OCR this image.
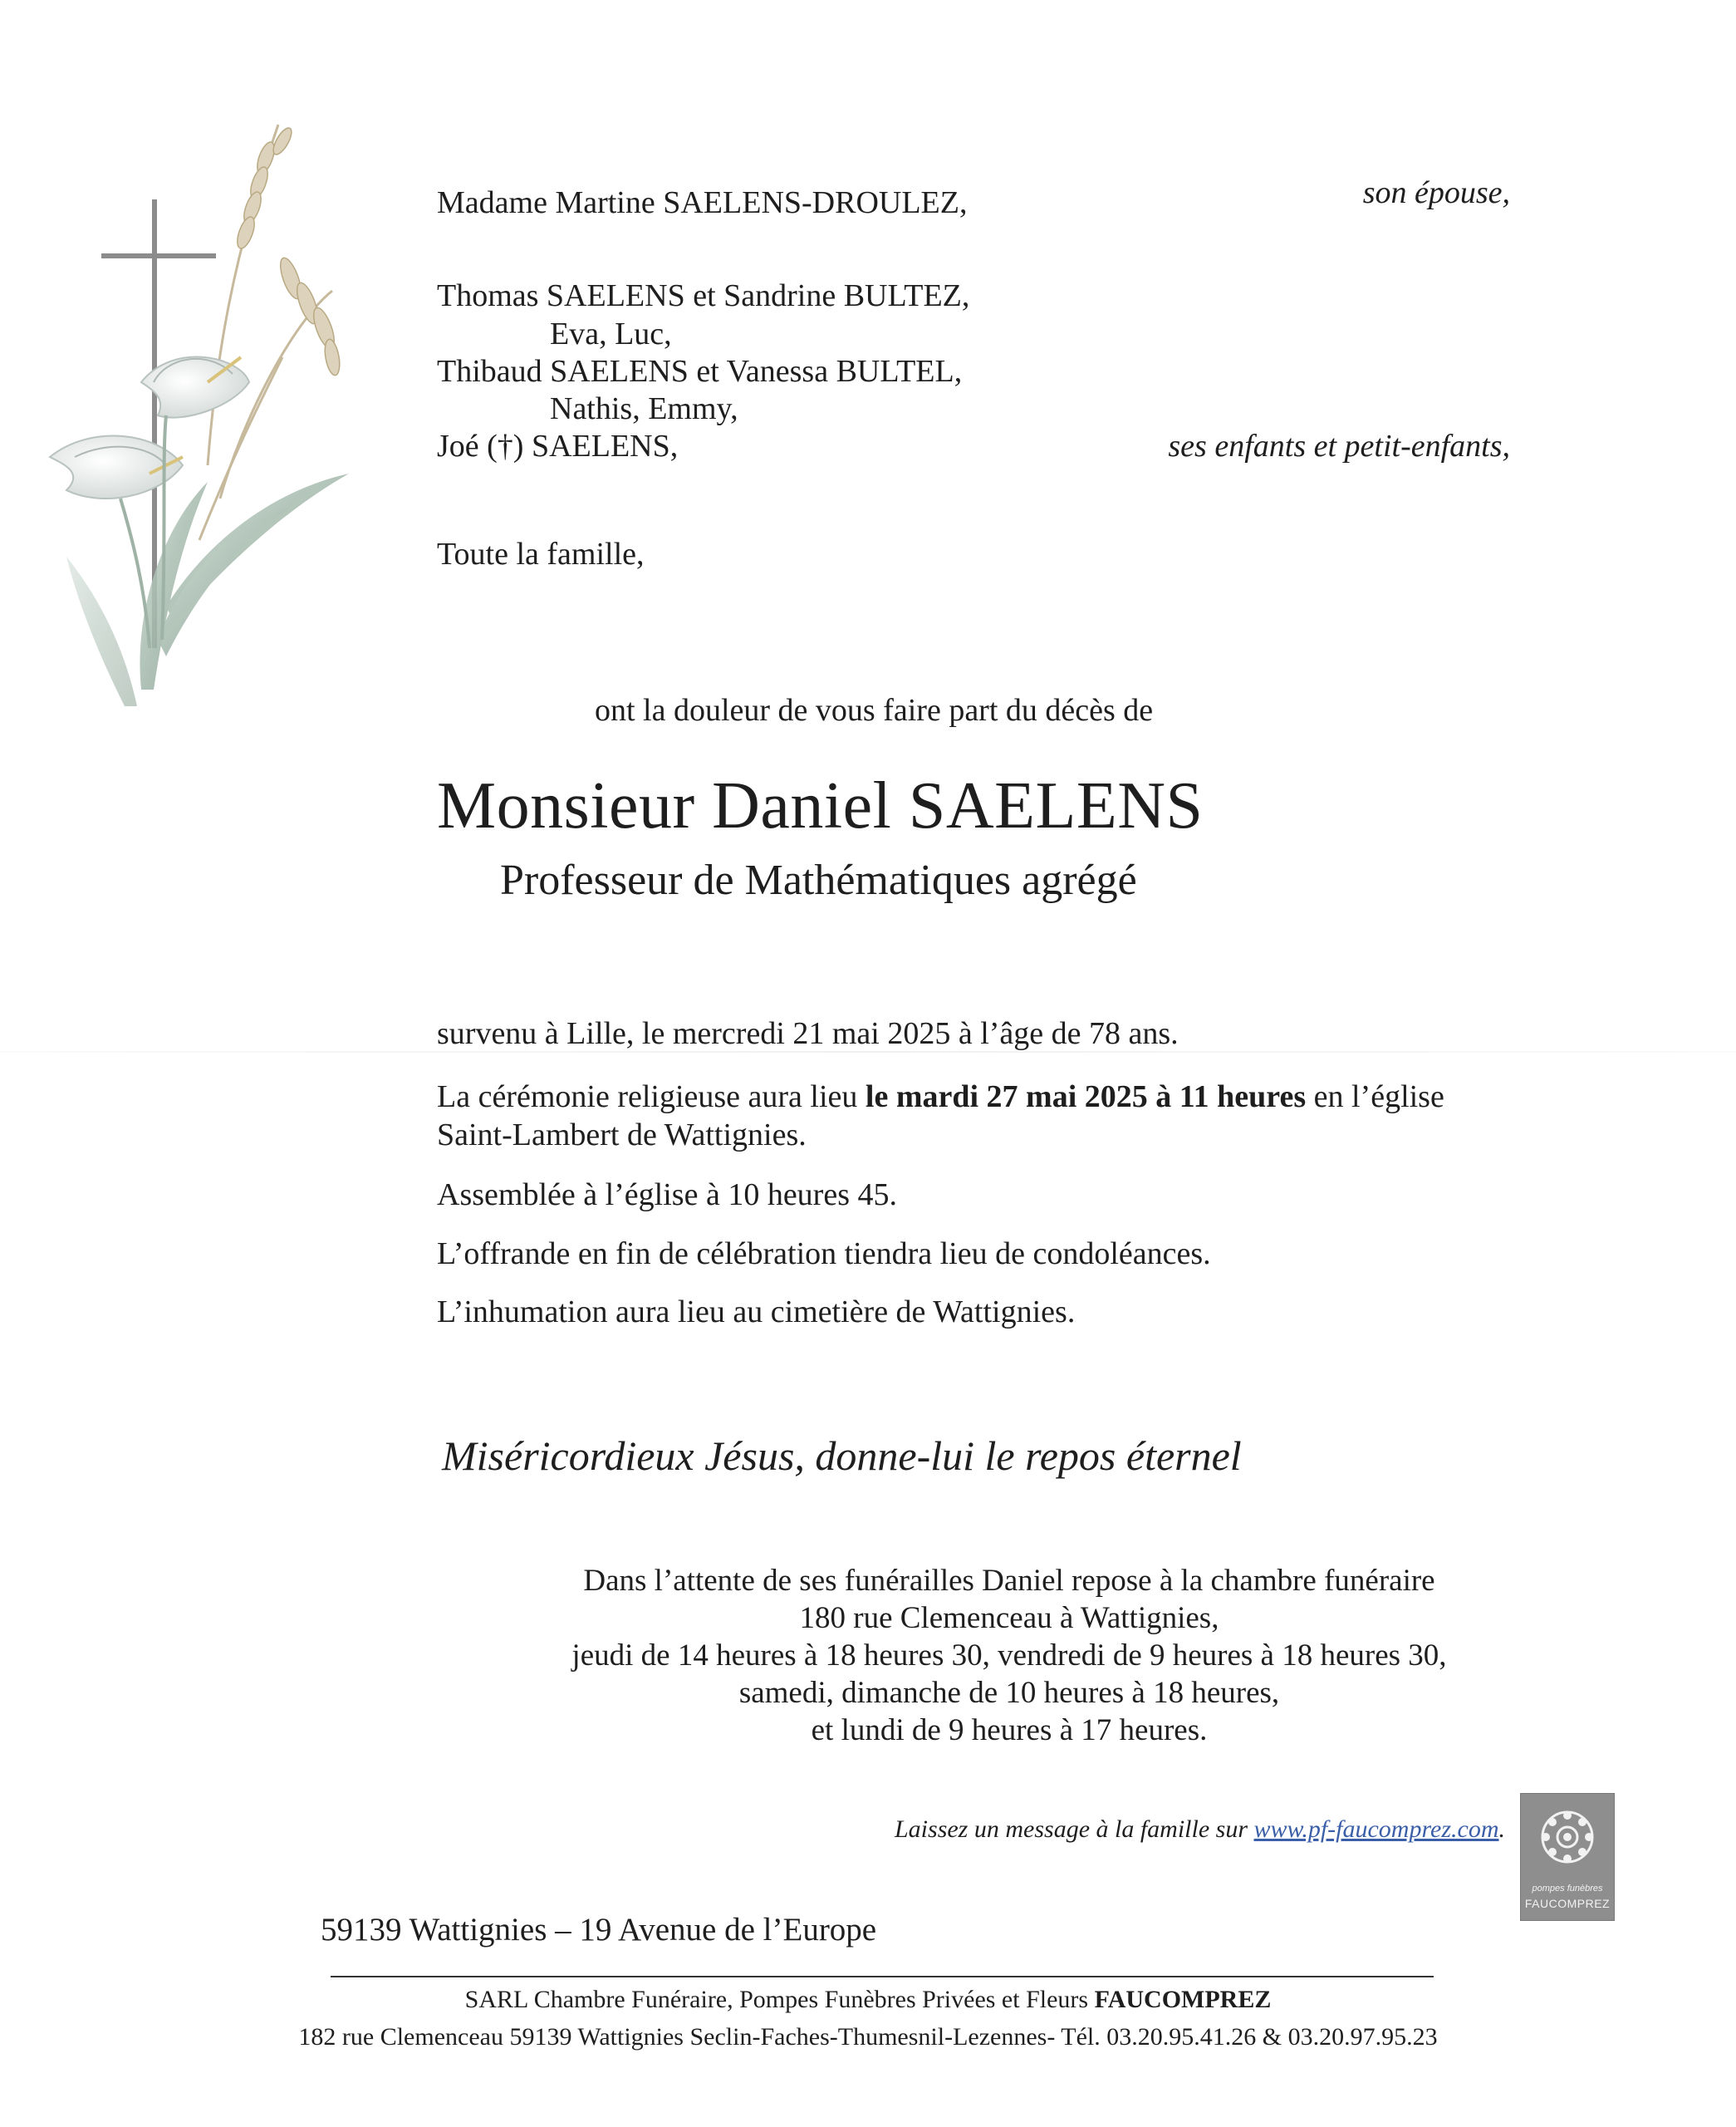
Madame Martine SAELENS-DROULEZ,	son épouse,
Thomas SAELENS et Sandrine BULTEZ,
Eva, Luc,
Thibaud SAELENS et Vanessa BULTEL,
Nathis, Emmy,
Joé (†) SAELENS,	ses enfants et petit-enfants,
Toute la famille,
ont la douleur de vous faire part du décès de
Monsieur Daniel SAELENS
Professeur de Mathématiques agrégé
survenu à Lille, le mercredi 21 mai 2025 à l’âge de 78 ans.
La cérémonie religieuse aura lieu le mardi 27 mai 2025 à 11 heures en l’église
Saint-Lambert de Wattignies.
Assemblée à l’église à 10 heures 45.
L’offrande en fin de célébration tiendra lieu de condoléances.
L’inhumation aura lieu au cimetière de Wattignies.
Miséricordieux Jésus, donne-lui le repos éternel
Dans l’attente de ses funérailles Daniel repose à la chambre funéraire
180 rue Clemenceau à Wattignies,
jeudi de 14 heures à 18 heures 30, vendredi de 9 heures à 18 heures 30,
samedi, dimanche de 10 heures à 18 heures,
et lundi de 9 heures à 17 heures.
Laissez un message à la famille sur www.pf-faucomprez.com.
pompes funèbres
FAUCOMPREZ
59139 Wattignies – 19 Avenue de l’Europe
SARL Chambre Funéraire, Pompes Funèbres Privées et Fleurs FAUCOMPREZ
182 rue Clemenceau 59139 Wattignies Seclin-Faches-Thumesnil-Lezennes- Tél. 03.20.95.41.26 & 03.20.97.95.23
